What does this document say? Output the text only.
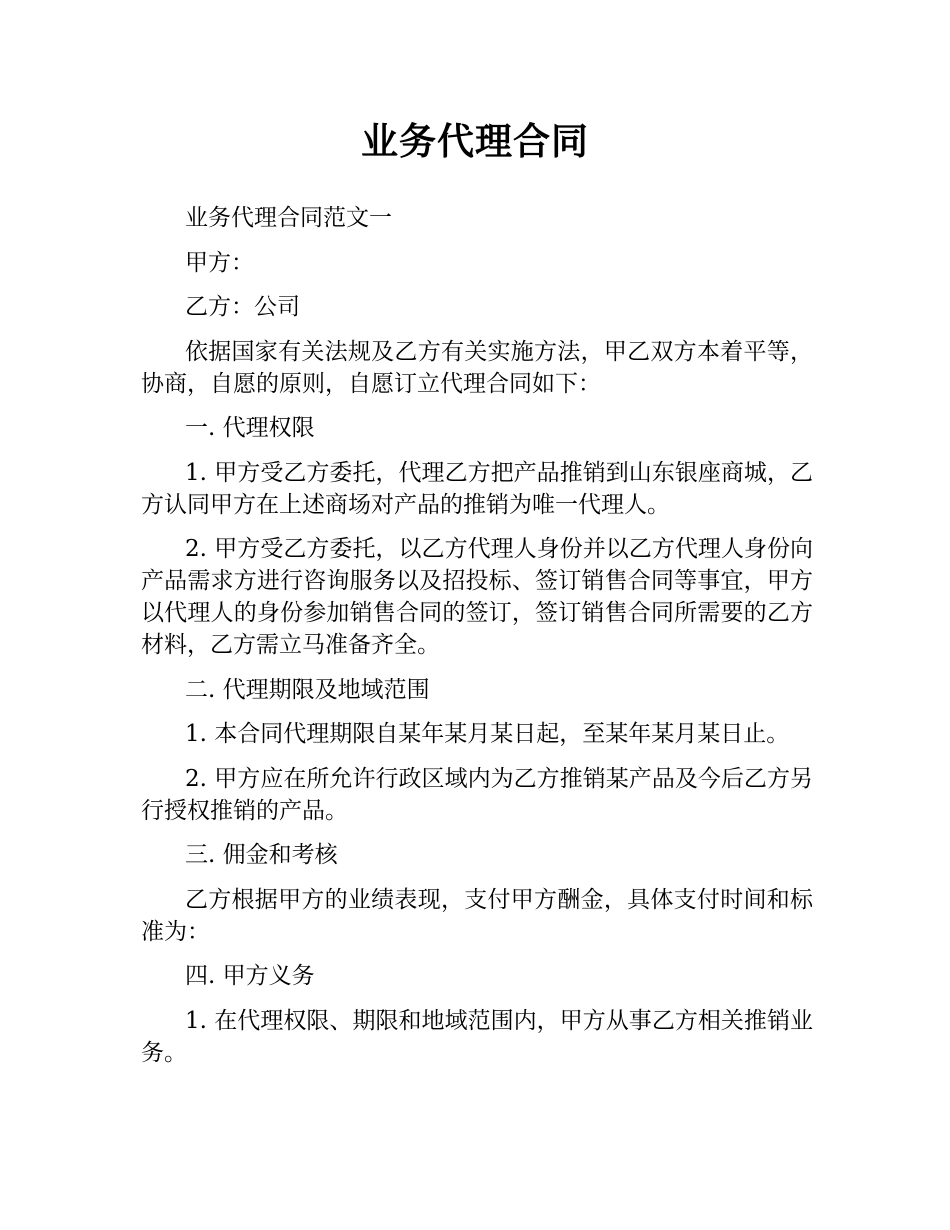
业务代理合同

业务代理合同范文一

甲方：

乙方：公司

依据国家有关法规及乙方有关实施方法，甲乙双方本着平等，协商，自愿的原则，自愿订立代理合同如下：

一. 代理权限

1. 甲方受乙方委托，代理乙方把产品推销到山东银座商城，乙方认同甲方在上述商场对产品的推销为唯一代理人。

2. 甲方受乙方委托，以乙方代理人身份并以乙方代理人身份向产品需求方进行咨询服务以及招投标、签订销售合同等事宜，甲方以代理人的身份参加销售合同的签订，签订销售合同所需要的乙方材料，乙方需立马准备齐全。

二. 代理期限及地域范围

1. 本合同代理期限自某年某月某日起，至某年某月某日止。

2. 甲方应在所允许行政区域内为乙方推销某产品及今后乙方另行授权推销的产品。

三. 佣金和考核

乙方根据甲方的业绩表现，支付甲方酬金，具体支付时间和标准为：

四. 甲方义务

1. 在代理权限、期限和地域范围内，甲方从事乙方相关推销业务。
